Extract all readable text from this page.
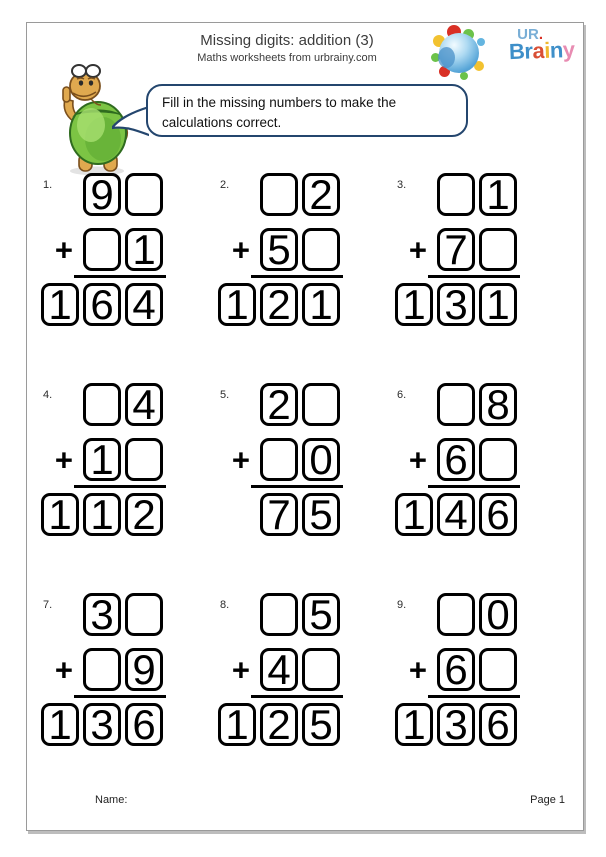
Missing digits: addition (3)
Maths worksheets from urbrainy.com
UR.
Brainy
Fill in the missing numbers to make the calculations correct.
1. 9
+ 1
1 6 4
2. 2
+ 5
1 2 1
3. 1
+ 7
1 3 1
4. 4
+ 1
1 1 2
5. 2
+ 0
7 5
6. 8
+ 6
1 4 6
7. 3
+ 9
1 3 6
8. 5
+ 4
1 2 5
9. 0
+ 6
1 3 6
Name:	Page 1
